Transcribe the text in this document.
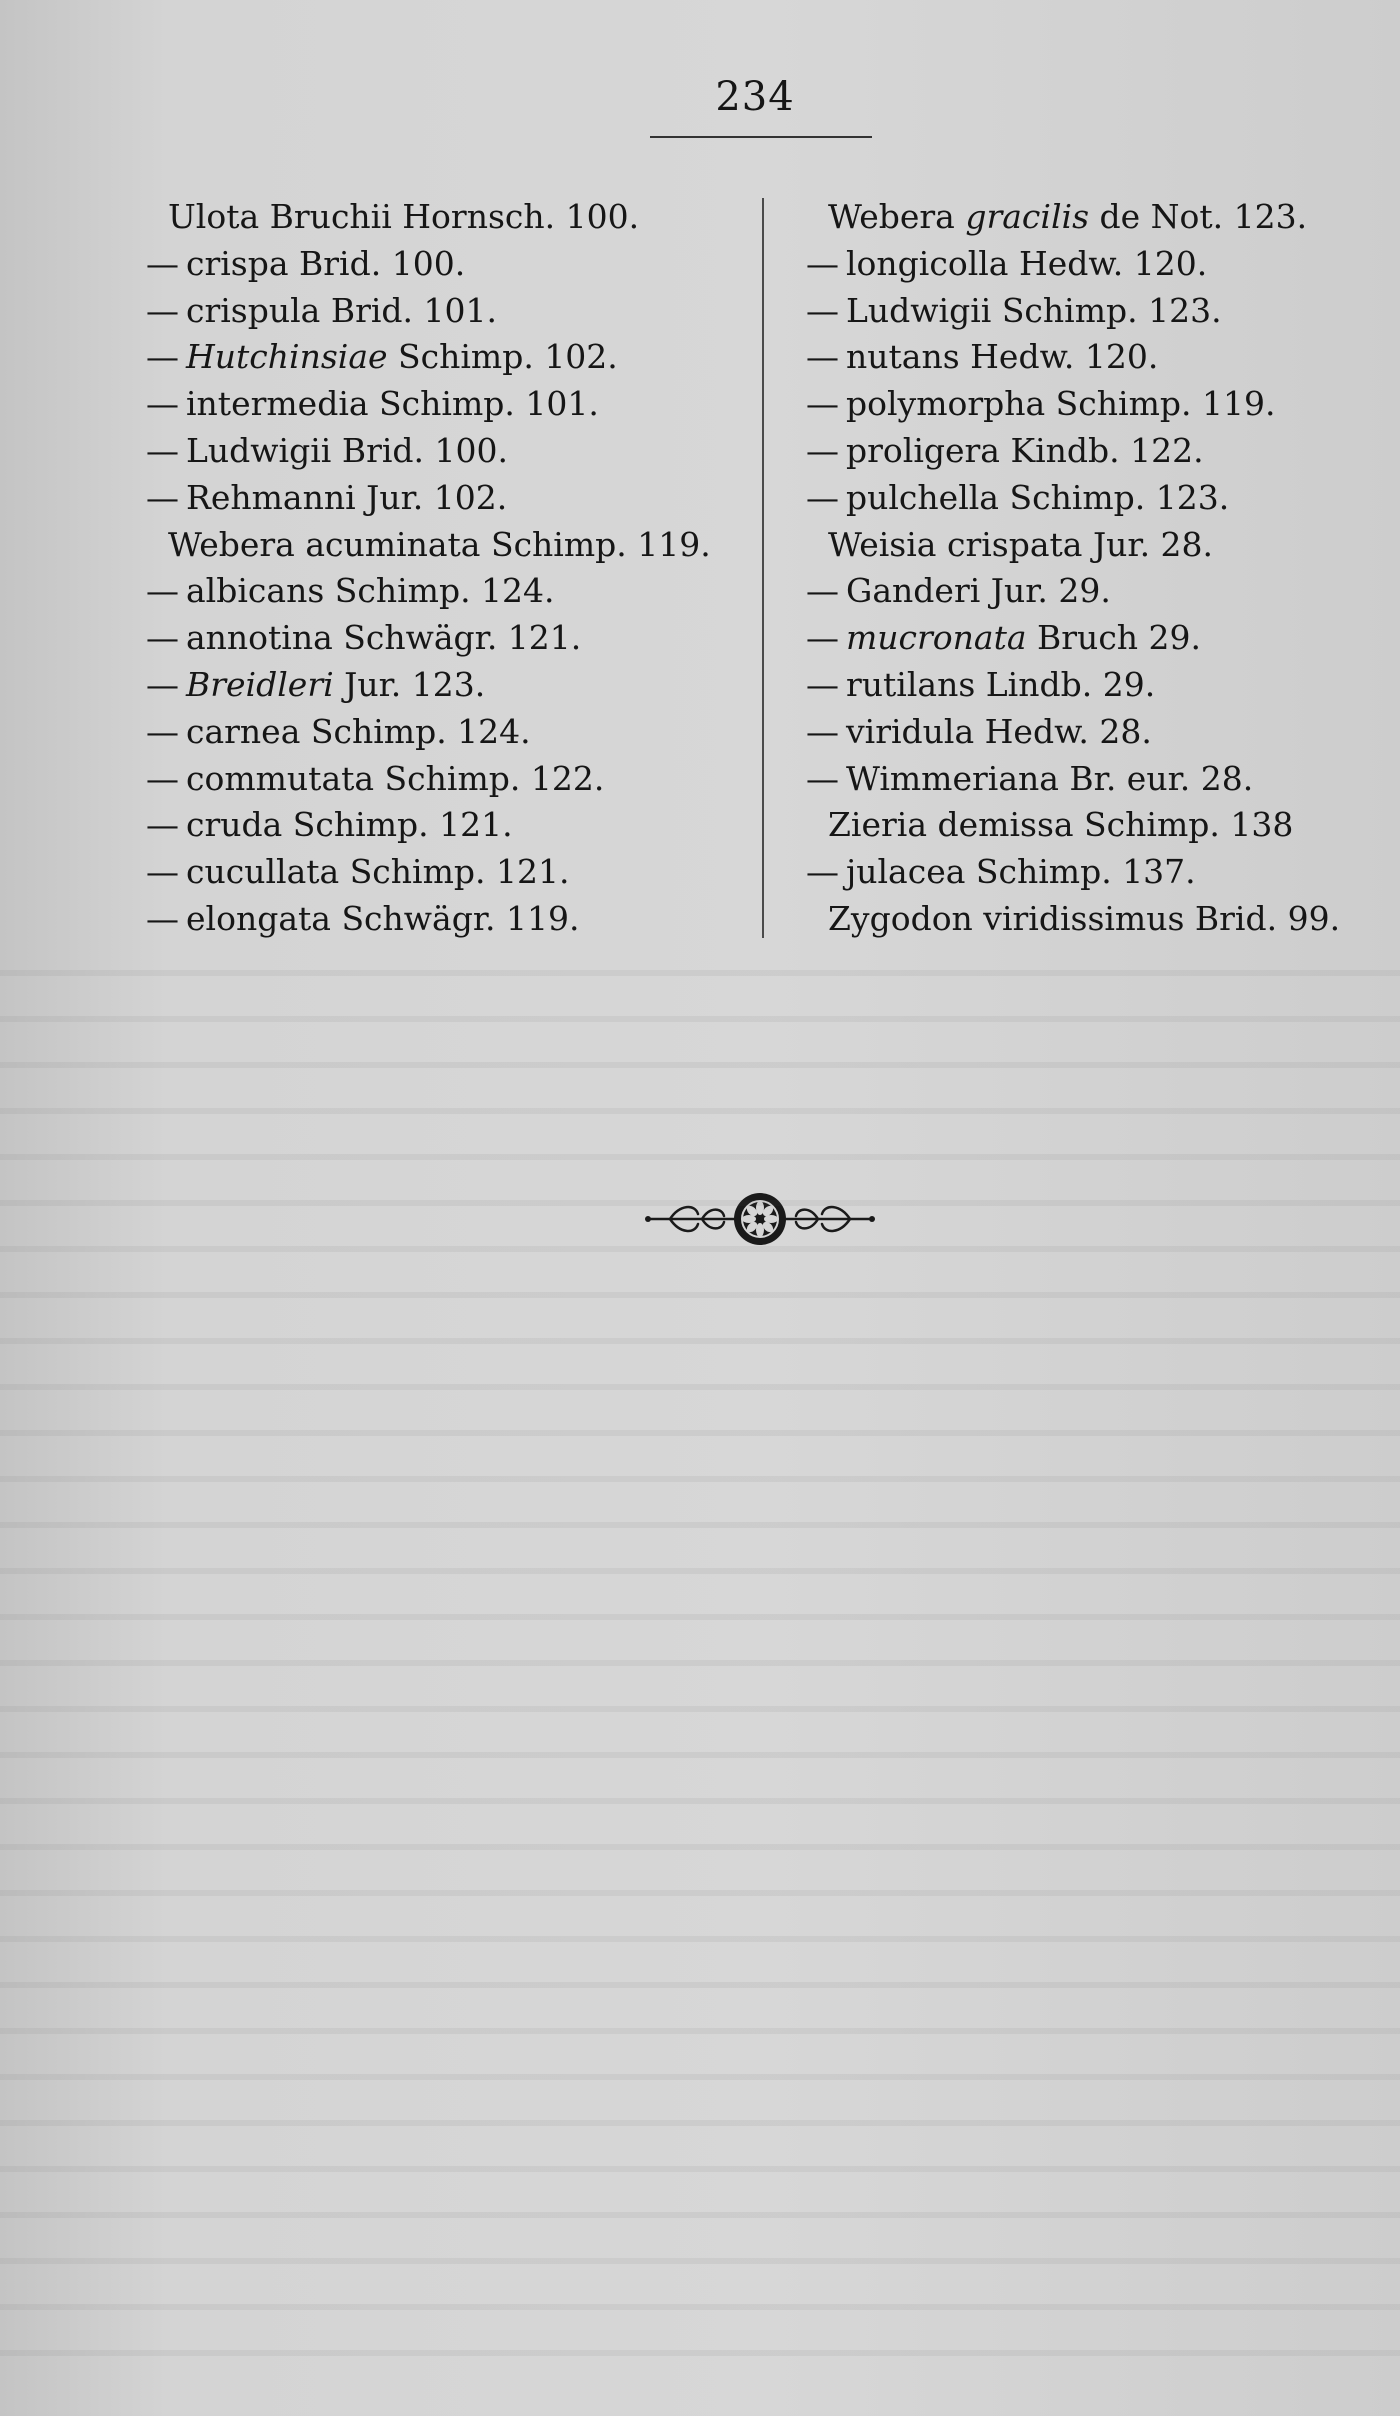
234
Ulota Bruchii Hornsch. 100.
— crispa Brid. 100.
— crispula Brid. 101.
— Hutchinsiae Schimp. 102.
— intermedia Schimp. 101.
— Ludwigii Brid. 100.
— Rehmanni Jur. 102.
Webera acuminata Schimp. 119.
— albicans Schimp. 124.
— annotina Schwägr. 121.
— Breidleri Jur. 123.
— carnea Schimp. 124.
— commutata Schimp. 122.
— cruda Schimp. 121.
— cucullata Schimp. 121.
— elongata Schwägr. 119.
Webera gracilis de Not. 123.
— longicolla Hedw. 120.
— Ludwigii Schimp. 123.
— nutans Hedw. 120.
— polymorpha Schimp. 119.
— proligera Kindb. 122.
— pulchella Schimp. 123.
Weisia crispata Jur. 28.
— Ganderi Jur. 29.
— mucronata Bruch 29.
— rutilans Lindb. 29.
— viridula Hedw. 28.
— Wimmeriana Br. eur. 28.
Zieria demissa Schimp. 138
— julacea Schimp. 137.
Zygodon viridissimus Brid. 99.
